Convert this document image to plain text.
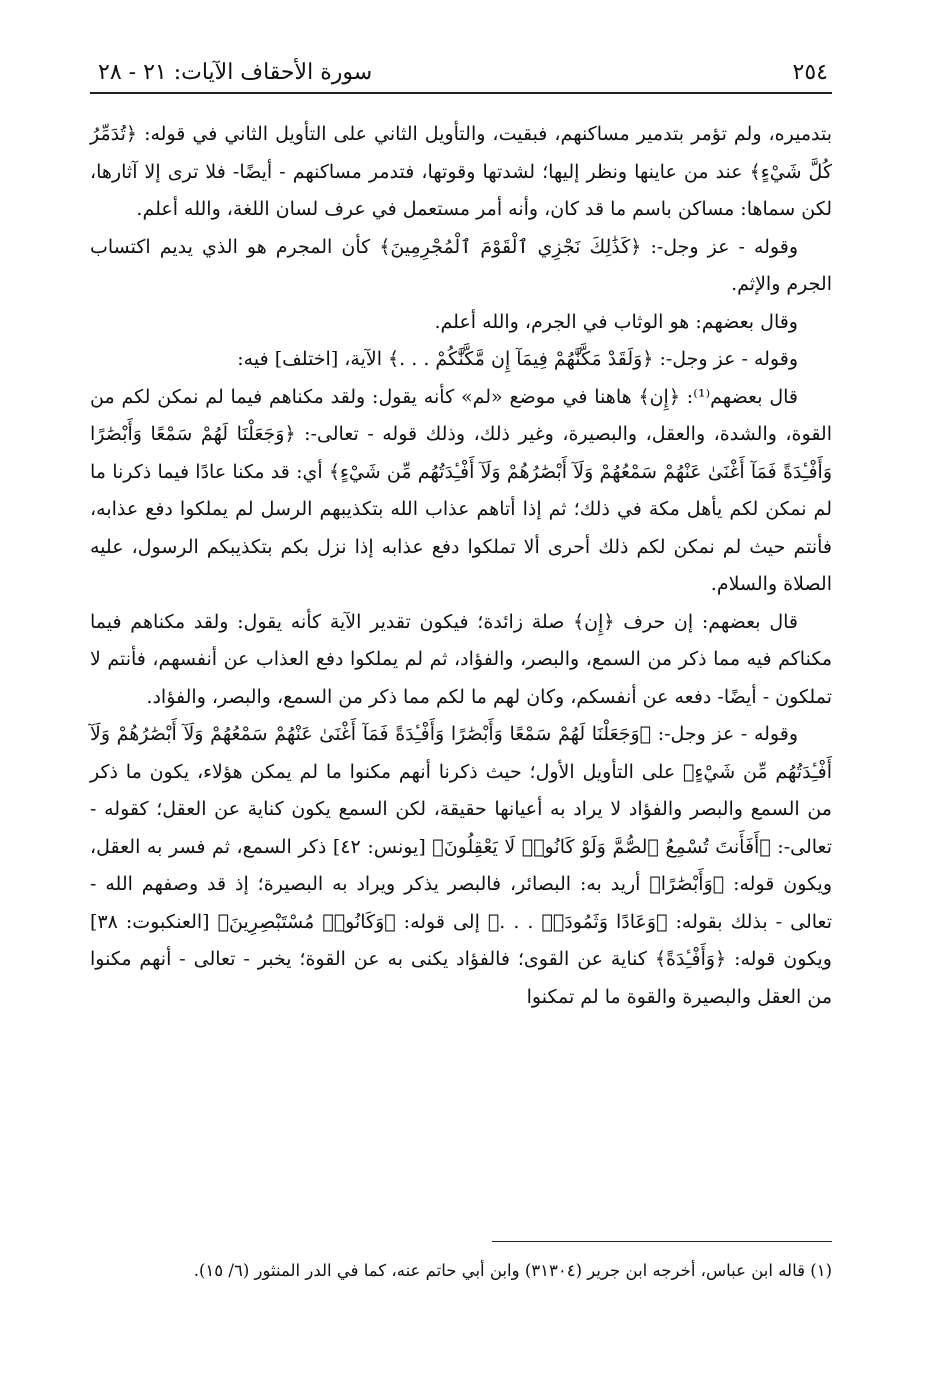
٢٥٤
سورة الأحقاف الآيات: ٢١ - ٢٨

بتدميره، ولم تؤمر بتدمير مساكنهم، فبقيت، والتأويل الثاني على التأويل الثاني في قوله: ﴿تُدَمِّرُ كُلَّ شَيْءٍ﴾ عند من عاينها ونظر إليها؛ لشدتها وقوتها، فتدمر مساكنهم - أيضًا- فلا ترى إلا آثارها، لكن سماها: مساكن باسم ما قد كان، وأنه أمر مستعمل في عرف لسان اللغة، والله أعلم.

وقوله - عز وجل-: ﴿كَذَٰلِكَ نَجْزِي ٱلْقَوْمَ ٱلْمُجْرِمِينَ﴾ كأن المجرم هو الذي يديم اكتساب الجرم والإثم.

وقال بعضهم: هو الوثاب في الجرم، والله أعلم.

وقوله - عز وجل-: ﴿وَلَقَدْ مَكَّنَّٰهُمْ فِيمَآ إِن مَّكَّنَّٰكُمْ . . .﴾ الآية، [اختلف] فيه:

قال بعضهم⁽¹⁾: ﴿إِن﴾ هاهنا في موضع «لم» كأنه يقول: ولقد مكناهم فيما لم نمكن لكم من القوة، والشدة، والعقل، والبصيرة، وغير ذلك، وذلك قوله - تعالى-: ﴿وَجَعَلْنَا لَهُمْ سَمْعًا وَأَبْصَٰرًا وَأَفْـِٔدَةً فَمَآ أَغْنَىٰ عَنْهُمْ سَمْعُهُمْ وَلَآ أَبْصَٰرُهُمْ وَلَآ أَفْـِٔدَتُهُم مِّن شَيْءٍ﴾ أي: قد مكنا عادًا فيما ذكرنا ما لم نمكن لكم يأهل مكة في ذلك؛ ثم إذا أتاهم عذاب الله بتكذيبهم الرسل لم يملكوا دفع عذابه، فأنتم حيث لم نمكن لكم ذلك أحرى ألا تملكوا دفع عذابه إذا نزل بكم بتكذيبكم الرسول، عليه الصلاة والسلام.

قال بعضهم: إن حرف ﴿إِن﴾ صلة زائدة؛ فيكون تقدير الآية كأنه يقول: ولقد مكناهم فيما مكناكم فيه مما ذكر من السمع، والبصر، والفؤاد، ثم لم يملكوا دفع العذاب عن أنفسهم، فأنتم لا تملكون - أيضًا- دفعه عن أنفسكم، وكان لهم ما لكم مما ذكر من السمع، والبصر، والفؤاد.

وقوله - عز وجل-: ﴿وَجَعَلْنَا لَهُمْ سَمْعًا وَأَبْصَٰرًا وَأَفْـِٔدَةً فَمَآ أَغْنَىٰ عَنْهُمْ سَمْعُهُمْ وَلَآ أَبْصَٰرُهُمْ وَلَآ أَفْـِٔدَتُهُم مِّن شَيْءٍ﴾ على التأويل الأول؛ حيث ذكرنا أنهم مكنوا ما لم يمكن هؤلاء، يكون ما ذكر من السمع والبصر والفؤاد لا يراد به أعيانها حقيقة، لكن السمع يكون كناية عن العقل؛ كقوله - تعالى-: ﴿أَفَأَنتَ تُسْمِعُ ٱلصُّمَّ وَلَوْ كَانُوا۟ لَا يَعْقِلُونَ﴾ [يونس: ٤٢] ذكر السمع، ثم فسر به العقل، ويكون قوله: ﴿وَأَبْصَٰرًا﴾ أريد به: البصائر، فالبصر يذكر ويراد به البصيرة؛ إذ قد وصفهم الله - تعالى - بذلك بقوله: ﴿وَعَادًا وَثَمُودَا۟ . . .﴾ إلى قوله: ﴿وَكَانُوا۟ مُسْتَبْصِرِينَ﴾ [العنكبوت: ٣٨] ويكون قوله: ﴿وَأَفْـِٔدَةً﴾ كناية عن القوى؛ فالفؤاد يكنى به عن القوة؛ يخبر - تعالى - أنهم مكنوا من العقل والبصيرة والقوة ما لم تمكنوا

(١) قاله ابن عباس، أخرجه ابن جرير (٣١٣٠٤) وابن أبي حاتم عنه، كما في الدر المنثور (٦/ ١٥).
